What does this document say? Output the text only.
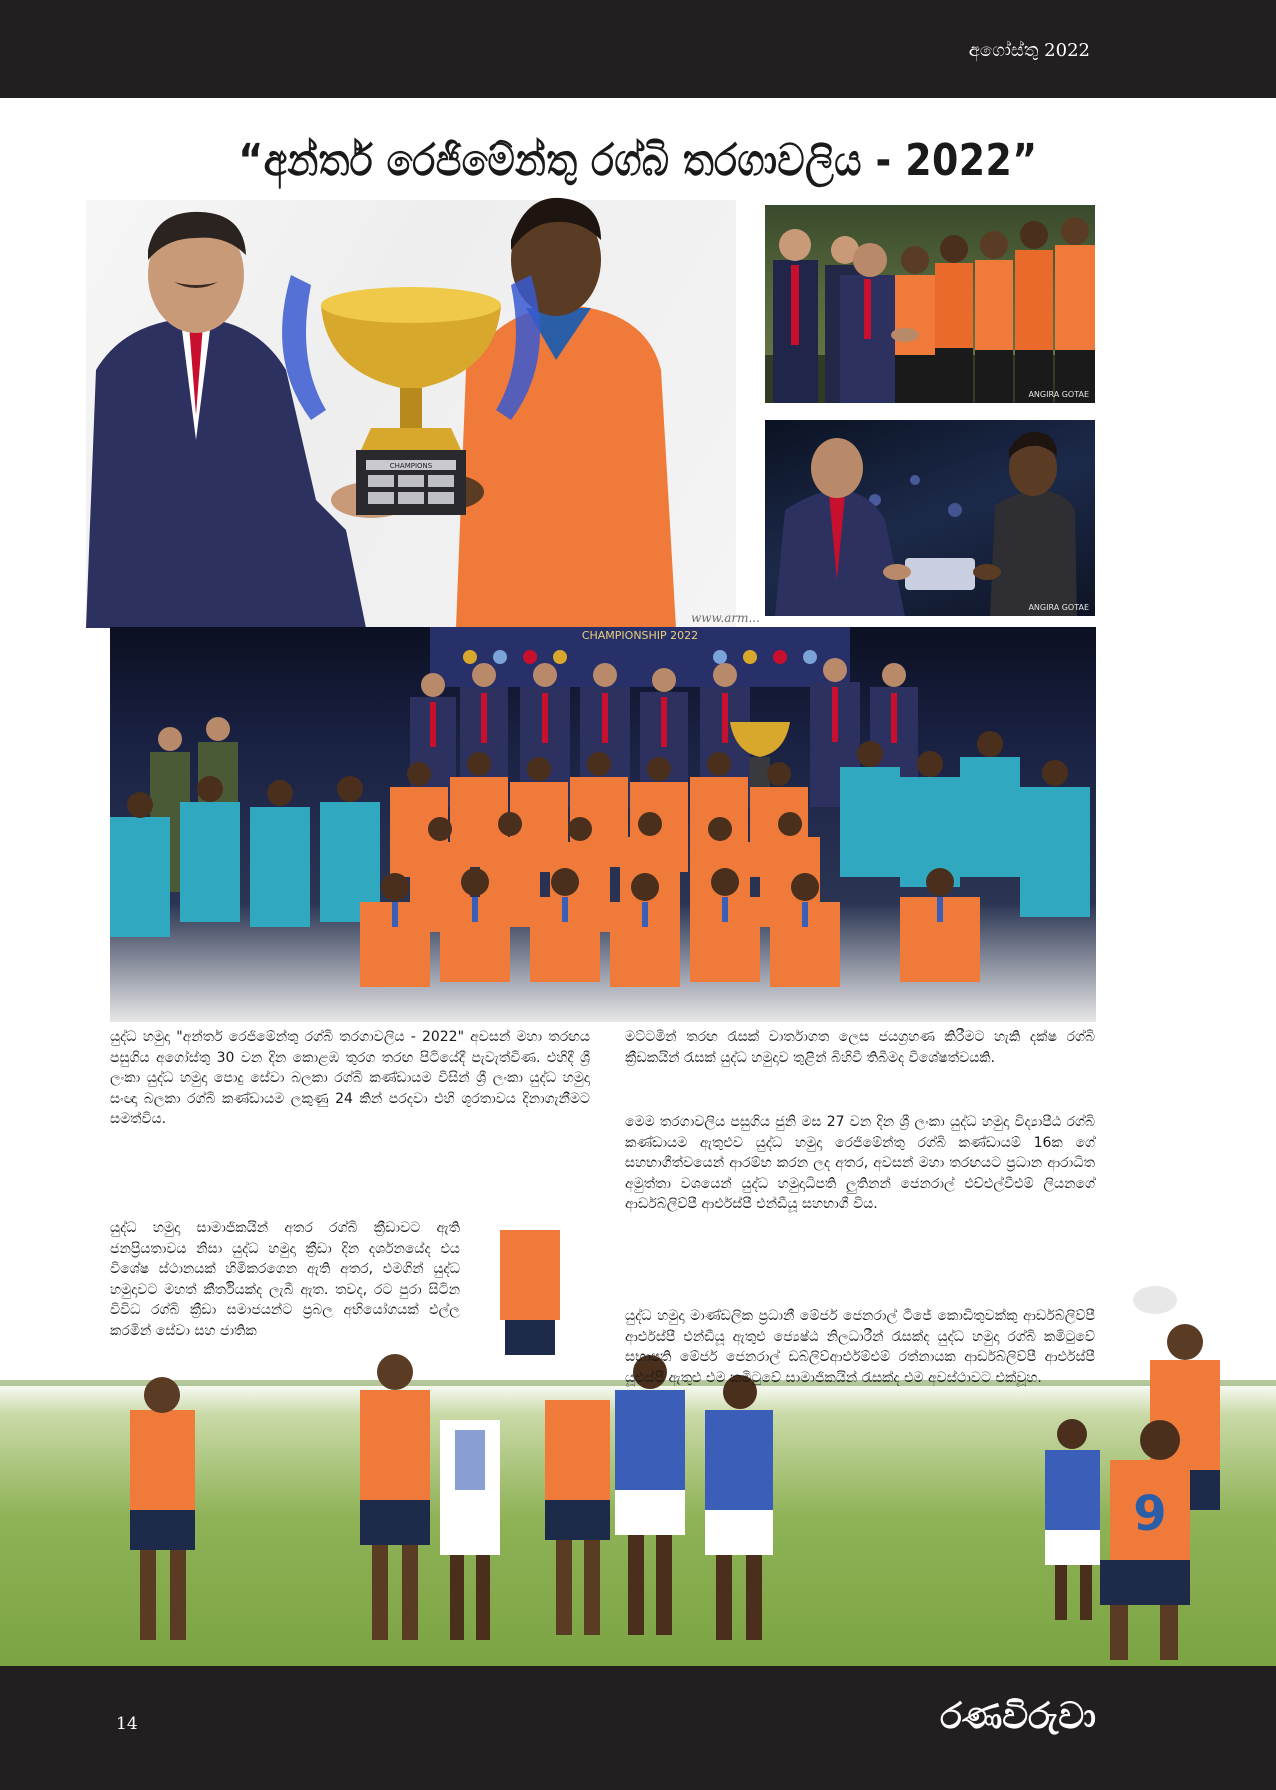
අගෝස්තු 2022
“අන්තර් රෙජිමේන්තු රග්බි තරගාවලිය - 2022”
CHAMPIONS
www.arm...
ANGIRA GOTAE
ANGIRA GOTAE
CHAMPIONSHIP 2022
9

යුද්ධ හමුදා "අන්තර් රෙජිමේන්තු රග්බි තරගාවලිය - 2022" අවසන් මහා තරඟය පසුගිය අගෝස්තු 30 වන දින කොළඹ තුරග තරඟ පිටියේදී පැවැත්විණ. එහිදී ශ්‍රී ලංකා යුද්ධ හමුදා පොදු සේවා බලකා රග්බි කණ්ඩායම විසින් ශ්‍රී ලංකා යුද්ධ හමුදා සංඥා බලකා රග්බි කණ්ඩායම ලකුණු 24 කින් පරදවා එහි ශූරතාවය දිනාගැනීමට සමත්විය.

යුද්ධ හමුදා සාමාජිකයින් අතර රග්බි ක්‍රීඩාවට ඇති ජනප්‍රියතාවය නිසා යුද්ධ හමුදා ක්‍රීඩා දින දර්ශනයේද එය විශේෂ ස්ථානයක් හිමිකරගෙන ඇති අතර, එමගින් යුද්ධ හමුදාවට මහත් කීර්තියක්ද ලැබී ඇත. තවද, රට පුරා සිටින විවිධ රග්බි ක්‍රීඩා සමාජයන්ට ප්‍රබල අභියෝගයක් එල්ල කරමින් සේවා සහ ජාතික

මට්ටමින් තරඟ රැසක් වාර්තාගත ලෙස ජයග්‍රහණ කිරීමට හැකි දක්ෂ රග්බි ක්‍රීඩකයින් රැසක් යුද්ධ හමුදාව තුළින් බිහිවී තිබීමද විශේෂත්වයකි.

මෙම තරගාවලිය පසුගිය ජුනි මස 27 වන දින ශ්‍රී ලංකා යුද්ධ හමුදා විද්‍යාපීඨ රග්බි කණ්ඩායම ඇතුළුව යුද්ධ හමුදා රෙජිමේන්තු රග්බි කණ්ඩායම් 16ක ගේ සහභාගීත්වයෙන් ආරම්භ කරන ලද අතර, අවසන් මහා තරඟයට ප්‍රධාන ආරාධිත අමුත්තා වශයෙන් යුද්ධ හමුදාධිපති ලුතිනන් ජෙනරාල් එච්එල්වීඑම් ලියනගේ ආර්ඩබ්ලිව්පී ආර්එස්පී එන්ඩීයූ සහභාගී විය.

යුද්ධ හමුදා මාණ්ඩලික ප්‍රධානී මේජර් ජෙනරාල් ටීජේ කොඩිතුවක්කු ආර්ඩබ්ලිව්පී ආර්එස්පී එන්ඩීයූ ඇතුළු ජ්‍යෙෂ්ඨ නිලධාරීන් රැසක්ද යුද්ධ හමුදා රග්බි කමිටුවේ සභාපති මේජර් ජෙනරාල් ඩබ්ලිව්ආර්එම්එම් රත්නායක ආර්ඩබ්ලිව්පී ආර්එස්පී යූඑස්පී ඇතුළු එම කමිටුවේ සාමාජිකයින් රැසක්ද එම අවස්ථාවට එක්වූහ.

14	රණවිරුවා
